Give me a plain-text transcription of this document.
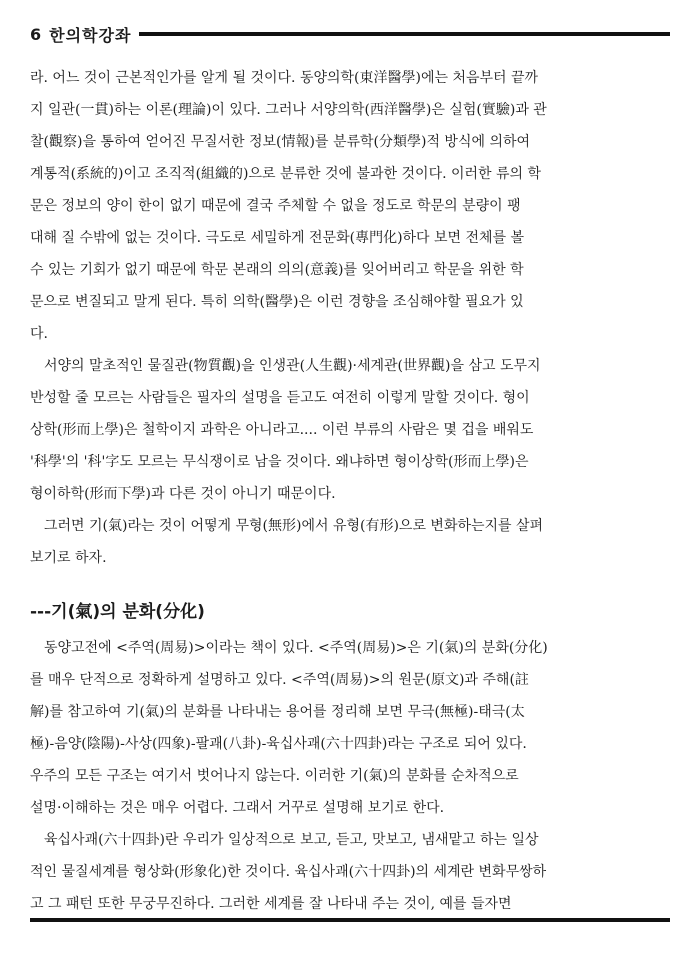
6 한의학강좌
라. 어느 것이 근본적인가를 알게 될 것이다. 동양의학(東洋醫學)에는 처음부터 끝까
지 일관(一貫)하는 이론(理論)이 있다. 그러나 서양의학(西洋醫學)은 실험(實驗)과 관
찰(觀察)을 통하여 얻어진 무질서한 정보(情報)를 분류학(分類學)적 방식에 의하여
계통적(系統的)이고 조직적(組織的)으로 분류한 것에 불과한 것이다. 이러한 류의 학
문은 정보의 양이 한이 없기 때문에 결국 주체할 수 없을 정도로 학문의 분량이 팽
대해 질 수밖에 없는 것이다. 극도로 세밀하게 전문화(專門化)하다 보면 전체를 볼
수 있는 기회가 없기 때문에 학문 본래의 의의(意義)를 잊어버리고 학문을 위한 학
문으로 변질되고 말게 된다. 특히 의학(醫學)은 이런 경향을 조심해야할 필요가 있
다.
서양의 말초적인 물질관(物質觀)을 인생관(人生觀)·세계관(世界觀)을 삼고 도무지
반성할 줄 모르는 사람들은 필자의 설명을 듣고도 여전히 이렇게 말할 것이다. 형이
상학(形而上學)은 철학이지 과학은 아니라고.... 이런 부류의 사람은 몇 겁을 배워도
'科學'의 '科'字도 모르는 무식쟁이로 남을 것이다. 왜냐하면 형이상학(形而上學)은
형이하학(形而下學)과 다른 것이 아니기 때문이다.
그러면 기(氣)라는 것이 어떻게 무형(無形)에서 유형(有形)으로 변화하는지를 살펴
보기로 하자.
---기(氣)의 분화(分化)
동양고전에 <주역(周易)>이라는 책이 있다. <주역(周易)>은 기(氣)의 분화(分化)
를 매우 단적으로 정확하게 설명하고 있다. <주역(周易)>의 원문(原文)과 주해(註
解)를 참고하여 기(氣)의 분화를 나타내는 용어를 정리해 보면 무극(無極)-태극(太
極)-음양(陰陽)-사상(四象)-팔괘(八卦)-육십사괘(六十四卦)라는 구조로 되어 있다.
우주의 모든 구조는 여기서 벗어나지 않는다. 이러한 기(氣)의 분화를 순차적으로
설명·이해하는 것은 매우 어렵다. 그래서 거꾸로 설명해 보기로 한다.
육십사괘(六十四卦)란 우리가 일상적으로 보고, 듣고, 맛보고, 냄새맡고 하는 일상
적인 물질세계를 형상화(形象化)한 것이다. 육십사괘(六十四卦)의 세계란 변화무쌍하
고 그 패턴 또한 무궁무진하다. 그러한 세계를 잘 나타내 주는 것이, 예를 들자면
